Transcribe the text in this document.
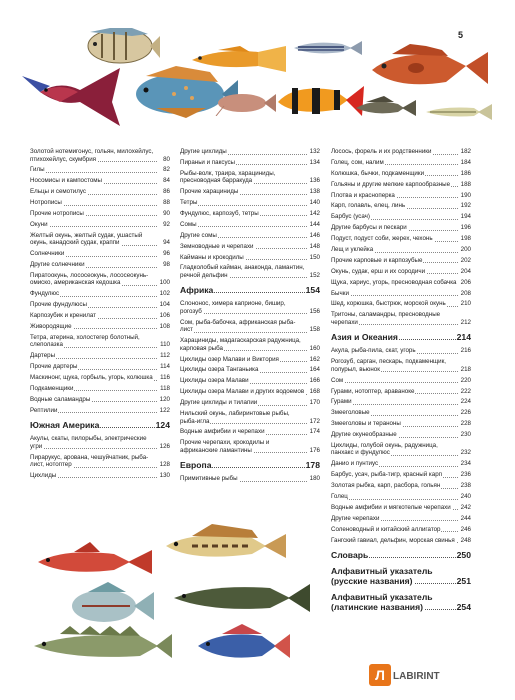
5
Золотой нотемигонус, гольян, милохейлус, птихохейлус, скумбрия	80
Гилы	82
Носомисы и кампостомы	84
Ельцы и семотилус	86
Нотрописы	88
Прочие нотрописы	90
Окуни	92
Желтый окунь, желтый судак, ушастый окунь, канадский судак, краппи	94
Солнечники	96
Другие солнечники	98
Пиратоокунь, лососеокунь, лососеокунь-омиско, американская кедошка	100
Фундулюс	102
Прочие фундулюсы	104
Карпозубик и кренилат	106
Живородящие	108
Тетра, атерина, холостегер болотный, слеполазка	110
Дартеры	112
Прочие дартеры	114
Маскинонг, щука, горбыль, угорь, колюшка	116
Подкаменщики	118
Водные саламандры	120
Рептилии	122
Южная Америка	124
Акулы, скаты, пилорыбы, электрические угри	126
Пирарукус, арована, чешуйчатник, рыба-лист, нотоптер	128
Цихлиды	130
Другие цихлиды	132
Пираньи и паксусы	134
Рыбы-волк, траира, харациниды, пресноводная барракуда	136
Прочие харациниды	138
Тетры	140
Фундулюс, карпозуб, тетры	142
Сомы	144
Другие сомы	146
Земноводные и черепахи	148
Кайманы и крокодилы	150
Гладколобый кайман, анаконда, ламантин, речной дельфин	152
Африка	154
Слононос, химера каприоне, бишир, рогозуб	156
Сом, рыба-бабочка, африканская рыба-лист	158
Харациниды, мадагаскарская радужница, карповая рыба	160
Цихлиды озер Малави и Виктория	162
Цихлиды озера Танганьика	164
Цихлиды озера Малави	166
Цихлиды озера Малави и других водоемов 168
Другие цихлиды и тилапии	170
Нильский окунь, лабиринтовые рыбы, рыба-игла	172
Водные амфибии и черепахи	174
Прочие черепахи, крокодилы и африканские ламантины	176
Европа	178
Примитивные рыбы	180
Лосось, форель и их родственники	182
Голец, сом, налим	184
Колюшка, бычки, подкаменщики	186
Гольяны и другие мелкие карпообразные	188
Плотва и красноперка	190
Карп, голавль, елец, линь	192
Барбус (усач)	194
Другие барбусы и пескари	196
Подуст, подуст соби, жерех, чехонь	198
Лещ и уклейка	200
Прочие карповые и карпозубые	202
Окунь, судак, ерш и их сородичи	204
Щука, хариус, угорь, пресноводная собачка 206
Бычки	208
Шед, корюшка, быстрюк, морской окунь	210
Тритоны, саламандры, пресноводные черепахи	212
Азия и Океания	214
Акула, рыба-пила, скат, угорь	216
Рогозуб, сарган, пескарь, подкаменщик, полурыл, вьюнок	218
Сом	220
Гурами, нотоптер, араваноке	222
Гурами	224
Змееголовые	226
Змееголовы и тераноны	228
Другие окунеобразные	230
Цихлиды, голубой окунь, радужница, панхакс и фундулюс	232
Данио и пунтиус	234
Барбус, усач, рыба-тигр, красный карп	236
Золотая рыбка, карп, расбора, гольян	238
Голец	240
Водные амфибии и мягкотелые черепахи	242
Другие черепахи	244
Соленоводный и китайский аллигатор	246
Гангский гавиал, дельфин, морская свинья 248
Словарь	250
Алфавитный указатель (русские названия)	251
Алфавитный указатель (латинские названия)	254
Л LABIRINT
